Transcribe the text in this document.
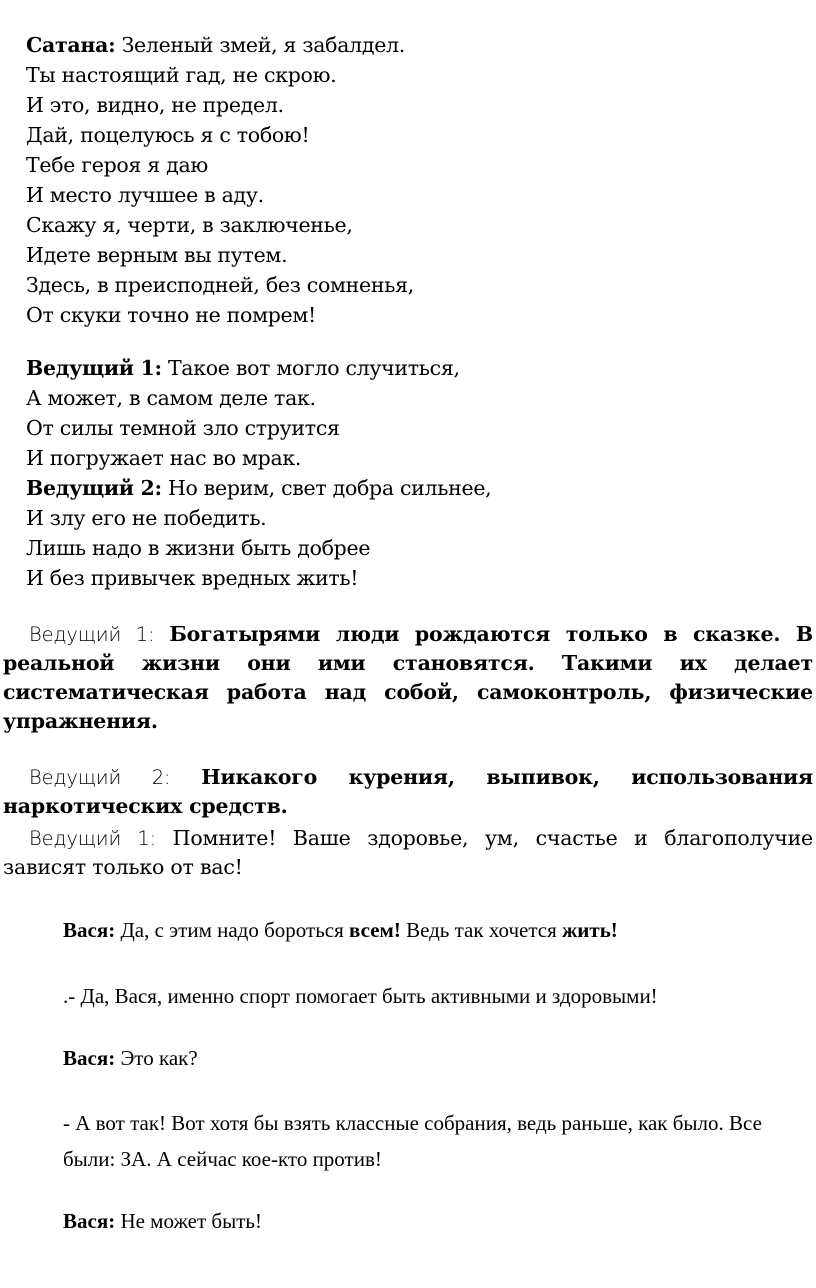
Сатана: Зеленый змей, я забалдел.
Ты настоящий гад, не скрою.
И это, видно, не предел.
Дай, поцелуюсь я с тобою!
Тебе героя я даю
И место лучшее в аду.
Скажу я, черти, в заключенье,
Идете верным вы путем.
Здесь, в преисподней, без сомненья,
От скуки точно не помрем!
Ведущий 1: Такое вот могло случиться,
А может, в самом деле так.
От силы темной зло струится
И погружает нас во мрак.
Ведущий 2: Но верим, свет добра сильнее,
И злу его не победить.
Лишь надо в жизни быть добрее
И без привычек вредных жить!
Ведущий 1: Богатырями люди рождаются только в сказке. В реальной жизни они ими становятся. Такими их делает систематическая работа над собой, самоконтроль, физические упражнения.
Ведущий 2: Никакого курения, выпивок, использования наркотических средств.
Ведущий 1: Помните! Ваше здоровье, ум, счастье и благополучие зависят только от вас!
Вася: Да, с этим надо бороться всем! Ведь так хочется жить!
.- Да, Вася, именно спорт помогает быть активными и здоровыми!
Вася: Это как?
- А вот так! Вот хотя бы взять классные собрания, ведь раньше, как было. Все были: ЗА. А сейчас кое-кто против!
Вася: Не может быть!
